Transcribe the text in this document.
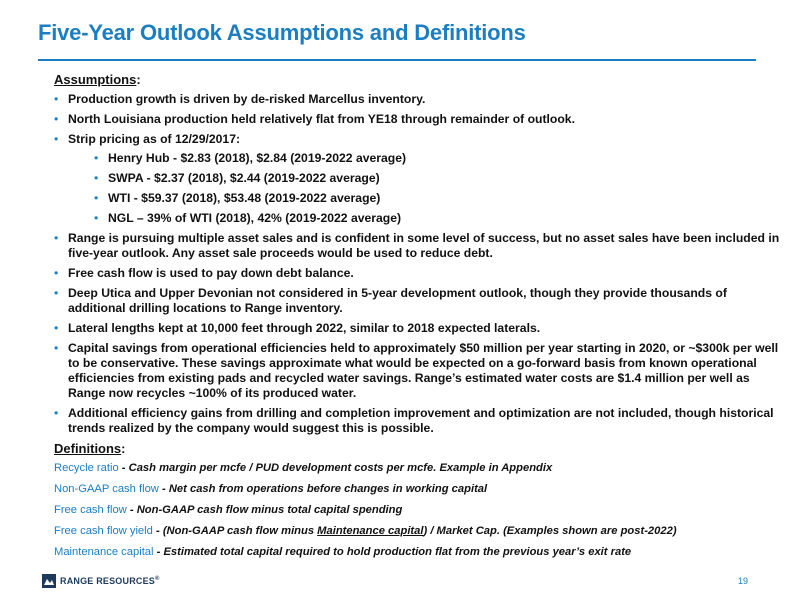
Five-Year Outlook Assumptions and Definitions
Assumptions:
• Production growth is driven by de-risked Marcellus inventory.
• North Louisiana production held relatively flat from YE18 through remainder of outlook.
• Strip pricing as of 12/29/2017:
• Henry Hub - $2.83 (2018), $2.84 (2019-2022 average)
• SWPA - $2.37 (2018), $2.44 (2019-2022 average)
• WTI - $59.37 (2018), $53.48 (2019-2022 average)
• NGL – 39% of WTI (2018), 42% (2019-2022 average)
• Range is pursuing multiple asset sales and is confident in some level of success, but no asset sales have been included in five-year outlook. Any asset sale proceeds would be used to reduce debt.
• Free cash flow is used to pay down debt balance.
• Deep Utica and Upper Devonian not considered in 5-year development outlook, though they provide thousands of additional drilling locations to Range inventory.
• Lateral lengths kept at 10,000 feet through 2022, similar to 2018 expected laterals.
• Capital savings from operational efficiencies held to approximately $50 million per year starting in 2020, or ~$300k per well to be conservative. These savings approximate what would be expected on a go-forward basis from known operational efficiencies from existing pads and recycled water savings. Range’s estimated water costs are $1.4 million per well as Range now recycles ~100% of its produced water.
• Additional efficiency gains from drilling and completion improvement and optimization are not included, though historical trends realized by the company would suggest this is possible.
Definitions:
Recycle ratio - Cash margin per mcfe / PUD development costs per mcfe. Example in Appendix
Non-GAAP cash flow - Net cash from operations before changes in working capital
Free cash flow - Non-GAAP cash flow minus total capital spending
Free cash flow yield - (Non-GAAP cash flow minus Maintenance capital) / Market Cap. (Examples shown are post-2022)
Maintenance capital - Estimated total capital required to hold production flat from the previous year’s exit rate
RANGE RESOURCES®	19
